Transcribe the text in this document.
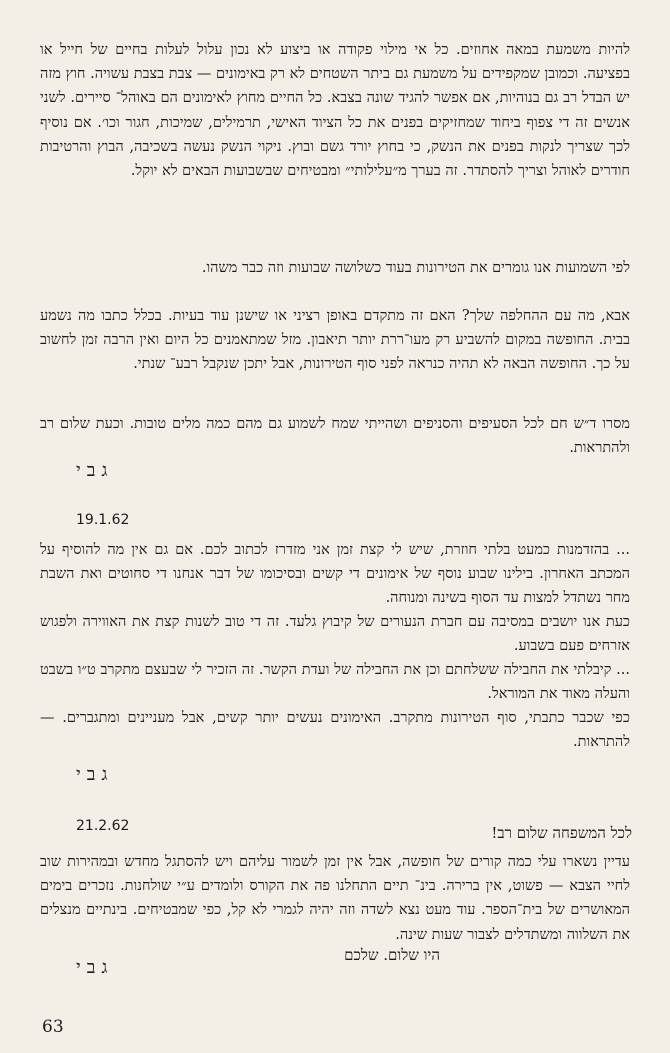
להיות משמעת במאה אחוזים. כל אי מילוי פקודה או ביצוע לא נכון עלול לעלות בחיים של חייל או בפציעה. וכמובן שמקפידים על משמעת גם ביתר השטחים לא רק באימונים — צבת בצבת עשויה. חוץ מזה יש הבדל רב גם בנוהיות, אם אפשר להגיד שונה בצבא. כל החיים מחוץ לאימונים הם באוהל־ סיירים. לשני אנשים זה די צפוף ביחוד שמחזיקים בפנים את כל הציוד האישי, תרמילים, שמיכות, חגור וכו׳. אם נוסיף לכך שצריך לנקות בפנים את הנשק, כי בחוץ יורד גשם ובוץ. ניקוי הנשק נעשה בשכיבה, הבוץ והרטיבות חודרים לאוהל וצריך להסתדר. זה בערך מ״עלילותי״ ומבטיחים שבשבועות הבאים לא יוקל.

לפי השמועות אנו גומרים את הטירונות בעוד כשלושה שבועות וזה כבר משהו.

אבא, מה עם ההחלפה שלך? האם זה מתקדם באופן רציני או שישנן עוד בעיות. בכלל כתבו מה נשמע בבית. החופשה במקום להשביע רק מעו־ררת יותר תיאבון. מזל שמתאמנים כל היום ואין הרבה זמן לחשוב על כך. החופשה הבאה לא תהיה כנראה לפני סוף הטירונות, אבל יתכן שנקבל רבע־ שנתי.

מסרו ד״ש חם לכל הסעיפים והסניפים ושהייתי שמח לשמוע גם מהם כמה מלים טובות. וכעת שלום רב ולהתראות.

גבי
19.1.62

... בהזדמנות כמעט בלתי חוזרת, שיש לי קצת זמן אני מזדרז לכתוב לכם. אם גם אין מה להוסיף על המכתב האחרון. בילינו שבוע נוסף של אימונים די קשים ובסיכומו של דבר אנחנו די סחוטים ואת השבת מחר נשתדל למצות עד הסוף בשינה ומנוחה.

כעת אנו יושבים במסיבה עם חברת הנעורים של קיבוץ גלעד. זה די טוב לשנות קצת את האווירה ולפגוש אזרחים פעם בשבוע.

... קיבלתי את החבילה ששלחתם וכן את החבילה של ועדת הקשר. זה הזכיר לי שבעצם מתקרב ט״ו בשבט והעלה מאוד את המוראל.

כפי שכבר כתבתי, סוף הטירונות מתקרב. האימונים נעשים יותר קשים, אבל מעניינים ומתגברים. — להתראות.

גבי
21.2.62	לכל המשפחה שלום רב!

עדיין נשארו עלי כמה קורים של חופשה, אבל אין זמן לשמור עליהם ויש להסתגל מחדש ובמהירות שוב לחיי הצבא — פשוט, אין ברירה. בינ־ תיים התחלנו פה את הקורס ולומדים ע״י שולחנות. נזכרים בימים המאושרים של בית־הספר. עוד מעט נצא לשדה וזה יהיה לגמרי לא קל, כפי שמבטיחים. בינתיים מנצלים את השלווה ומשתדלים לצבור שעות שינה.

היו שלום. שלכם
גבי
63
